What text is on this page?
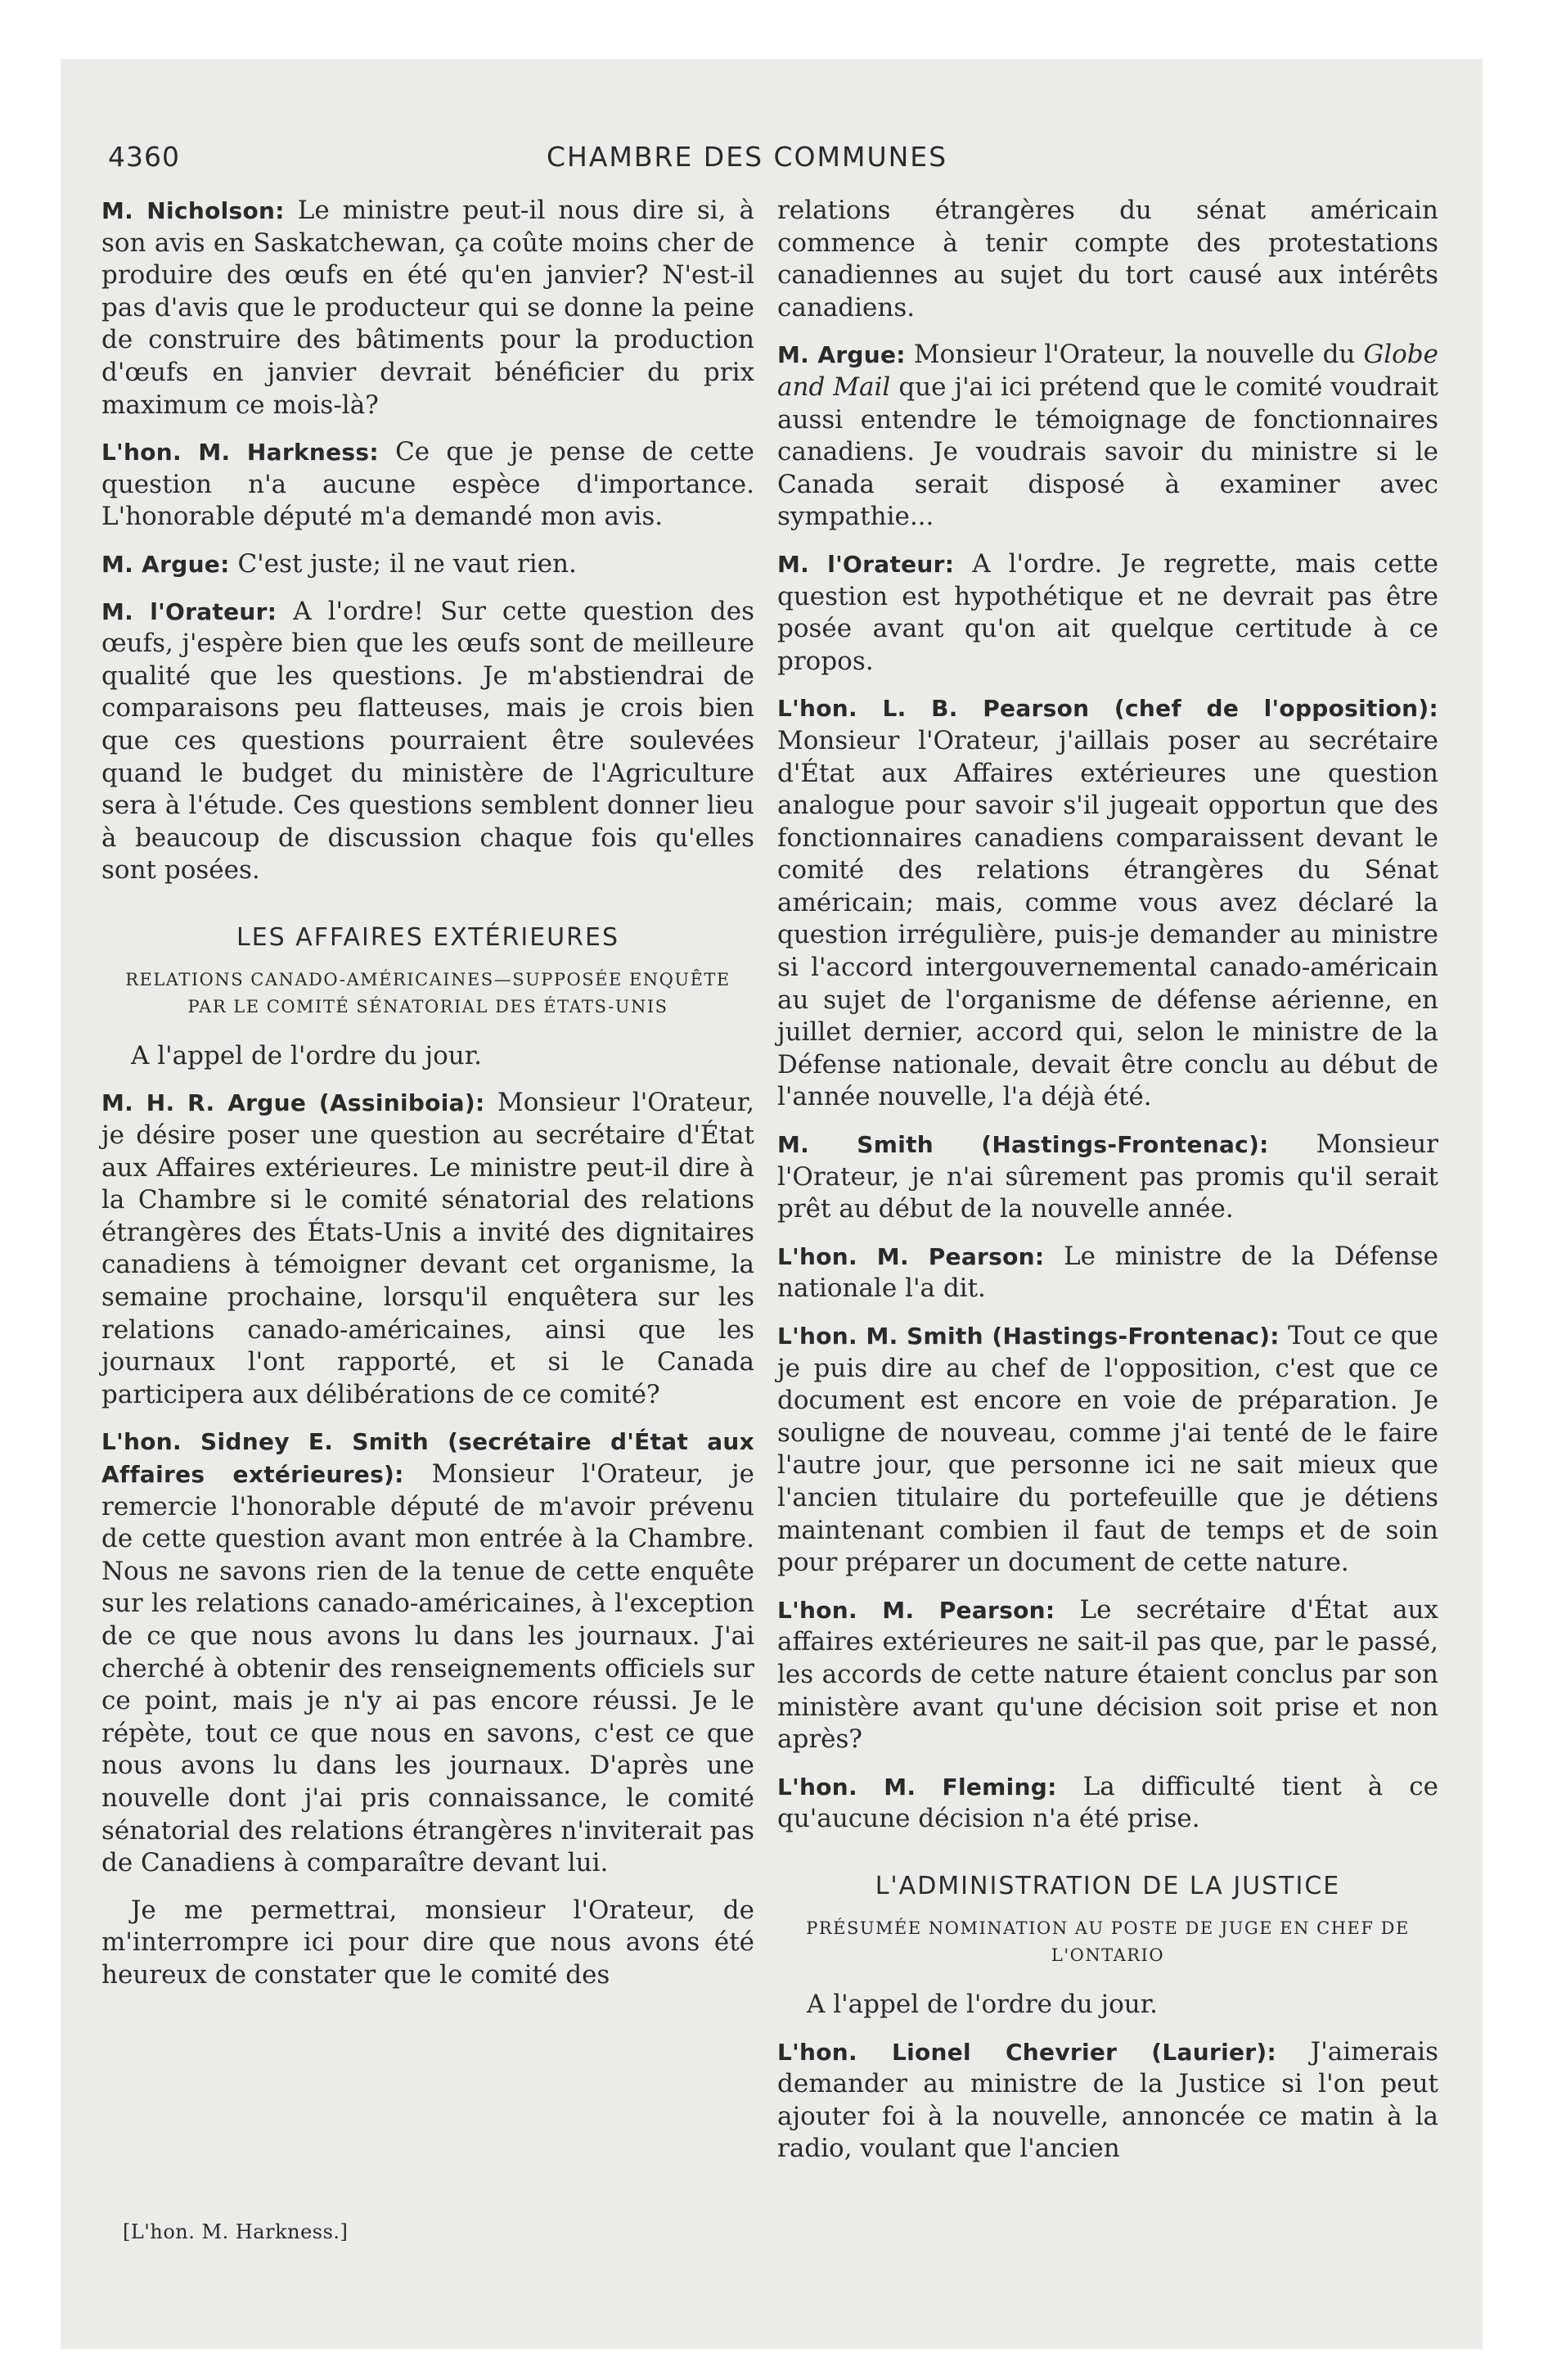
4360	CHAMBRE DES COMMUNES

M. Nicholson: Le ministre peut-il nous dire si, à son avis en Saskatchewan, ça coûte moins cher de produire des œufs en été qu'en janvier? N'est-il pas d'avis que le producteur qui se donne la peine de construire des bâtiments pour la production d'œufs en janvier devrait bénéficier du prix maximum ce mois-là?

L'hon. M. Harkness: Ce que je pense de cette question n'a aucune espèce d'importance. L'honorable député m'a demandé mon avis.

M. Argue: C'est juste; il ne vaut rien.

M. l'Orateur: A l'ordre! Sur cette question des œufs, j'espère bien que les œufs sont de meilleure qualité que les questions. Je m'abstiendrai de comparaisons peu flatteuses, mais je crois bien que ces questions pourraient être soulevées quand le budget du ministère de l'Agriculture sera à l'étude. Ces questions semblent donner lieu à beaucoup de discussion chaque fois qu'elles sont posées.

LES AFFAIRES EXTÉRIEURES
RELATIONS CANADO-AMÉRICAINES—SUPPOSÉE ENQUÊTE PAR LE COMITÉ SÉNATORIAL DES ÉTATS-UNIS

A l'appel de l'ordre du jour.

M. H. R. Argue (Assiniboia): Monsieur l'Orateur, je désire poser une question au secrétaire d'État aux Affaires extérieures. Le ministre peut-il dire à la Chambre si le comité sénatorial des relations étrangères des États-Unis a invité des dignitaires canadiens à témoigner devant cet organisme, la semaine prochaine, lorsqu'il enquêtera sur les relations canado-américaines, ainsi que les journaux l'ont rapporté, et si le Canada participera aux délibérations de ce comité?

L'hon. Sidney E. Smith (secrétaire d'État aux Affaires extérieures): Monsieur l'Orateur, je remercie l'honorable député de m'avoir prévenu de cette question avant mon entrée à la Chambre. Nous ne savons rien de la tenue de cette enquête sur les relations canado-américaines, à l'exception de ce que nous avons lu dans les journaux. J'ai cherché à obtenir des renseignements officiels sur ce point, mais je n'y ai pas encore réussi. Je le répète, tout ce que nous en savons, c'est ce que nous avons lu dans les journaux. D'après une nouvelle dont j'ai pris connaissance, le comité sénatorial des relations étrangères n'inviterait pas de Canadiens à comparaître devant lui.

Je me permettrai, monsieur l'Orateur, de m'interrompre ici pour dire que nous avons été heureux de constater que le comité des

relations étrangères du sénat américain commence à tenir compte des protestations canadiennes au sujet du tort causé aux intérêts canadiens.

M. Argue: Monsieur l'Orateur, la nouvelle du Globe and Mail que j'ai ici prétend que le comité voudrait aussi entendre le témoignage de fonctionnaires canadiens. Je voudrais savoir du ministre si le Canada serait disposé à examiner avec sympathie...

M. l'Orateur: A l'ordre. Je regrette, mais cette question est hypothétique et ne devrait pas être posée avant qu'on ait quelque certitude à ce propos.

L'hon. L. B. Pearson (chef de l'opposition): Monsieur l'Orateur, j'aillais poser au secrétaire d'État aux Affaires extérieures une question analogue pour savoir s'il jugeait opportun que des fonctionnaires canadiens comparaissent devant le comité des relations étrangères du Sénat américain; mais, comme vous avez déclaré la question irrégulière, puis-je demander au ministre si l'accord intergouvernemental canado-américain au sujet de l'organisme de défense aérienne, en juillet dernier, accord qui, selon le ministre de la Défense nationale, devait être conclu au début de l'année nouvelle, l'a déjà été.

M. Smith (Hastings-Frontenac): Monsieur l'Orateur, je n'ai sûrement pas promis qu'il serait prêt au début de la nouvelle année.

L'hon. M. Pearson: Le ministre de la Défense nationale l'a dit.

L'hon. M. Smith (Hastings-Frontenac): Tout ce que je puis dire au chef de l'opposition, c'est que ce document est encore en voie de préparation. Je souligne de nouveau, comme j'ai tenté de le faire l'autre jour, que personne ici ne sait mieux que l'ancien titulaire du portefeuille que je détiens maintenant combien il faut de temps et de soin pour préparer un document de cette nature.

L'hon. M. Pearson: Le secrétaire d'État aux affaires extérieures ne sait-il pas que, par le passé, les accords de cette nature étaient conclus par son ministère avant qu'une décision soit prise et non après?

L'hon. M. Fleming: La difficulté tient à ce qu'aucune décision n'a été prise.

L'ADMINISTRATION DE LA JUSTICE
PRÉSUMÉE NOMINATION AU POSTE DE JUGE EN CHEF DE L'ONTARIO

A l'appel de l'ordre du jour.

L'hon. Lionel Chevrier (Laurier): J'aimerais demander au ministre de la Justice si l'on peut ajouter foi à la nouvelle, annoncée ce matin à la radio, voulant que l'ancien

[L'hon. M. Harkness.]
